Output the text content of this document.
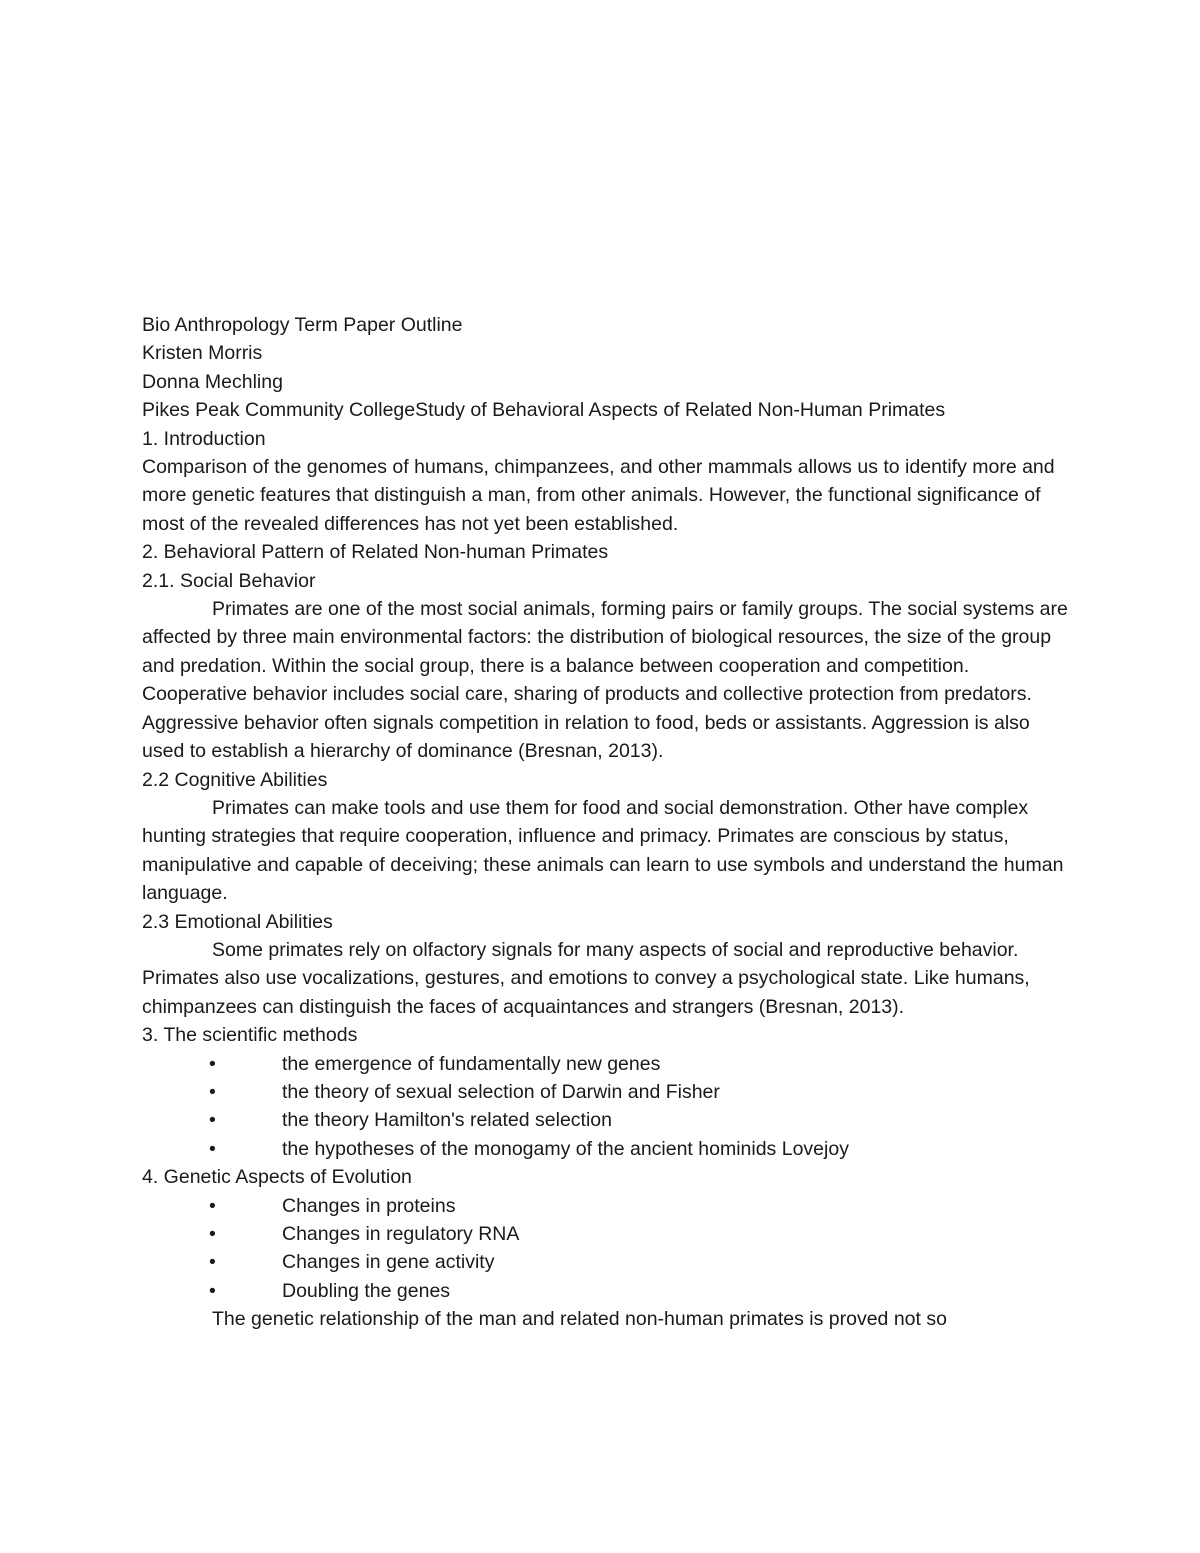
Bio Anthropology Term Paper Outline

Kristen Morris

Donna Mechling

Pikes Peak Community CollegeStudy of Behavioral Aspects of Related Non-Human Primates

1. Introduction

Comparison of the genomes of humans, chimpanzees, and other mammals allows us to identify more and more genetic features that distinguish a man, from other animals. However, the functional significance of most of the revealed differences has not yet been established.

2. Behavioral Pattern of Related Non-human Primates

2.1. Social Behavior

Primates are one of the most social animals, forming pairs or family groups. The social systems are affected by three main environmental factors: the distribution of biological resources, the size of the group and predation. Within the social group, there is a balance between cooperation and competition. Cooperative behavior includes social care, sharing of products and collective protection from predators. Aggressive behavior often signals competition in relation to food, beds or assistants. Aggression is also used to establish a hierarchy of dominance (Bresnan, 2013).

2.2 Cognitive Abilities

Primates can make tools and use them for food and social demonstration. Other have complex hunting strategies that require cooperation, influence and primacy. Primates are conscious by status, manipulative and capable of deceiving; these animals can learn to use symbols and understand the human language.

2.3 Emotional Abilities

Some primates rely on olfactory signals for many aspects of social and reproductive behavior. Primates also use vocalizations, gestures, and emotions to convey a psychological state. Like humans, chimpanzees can distinguish the faces of acquaintances and strangers (Bresnan, 2013).

3. The scientific methods

•	the emergence of fundamentally new genes
•	the theory of sexual selection of Darwin and Fisher
•	the theory Hamilton's related selection
•	the hypotheses of the monogamy of the ancient hominids Lovejoy

4. Genetic Aspects of Evolution

•	Changes in proteins
•	Changes in regulatory RNA
•	Changes in gene activity
•	Doubling the genes

The genetic relationship of the man and related non-human primates is proved not so
